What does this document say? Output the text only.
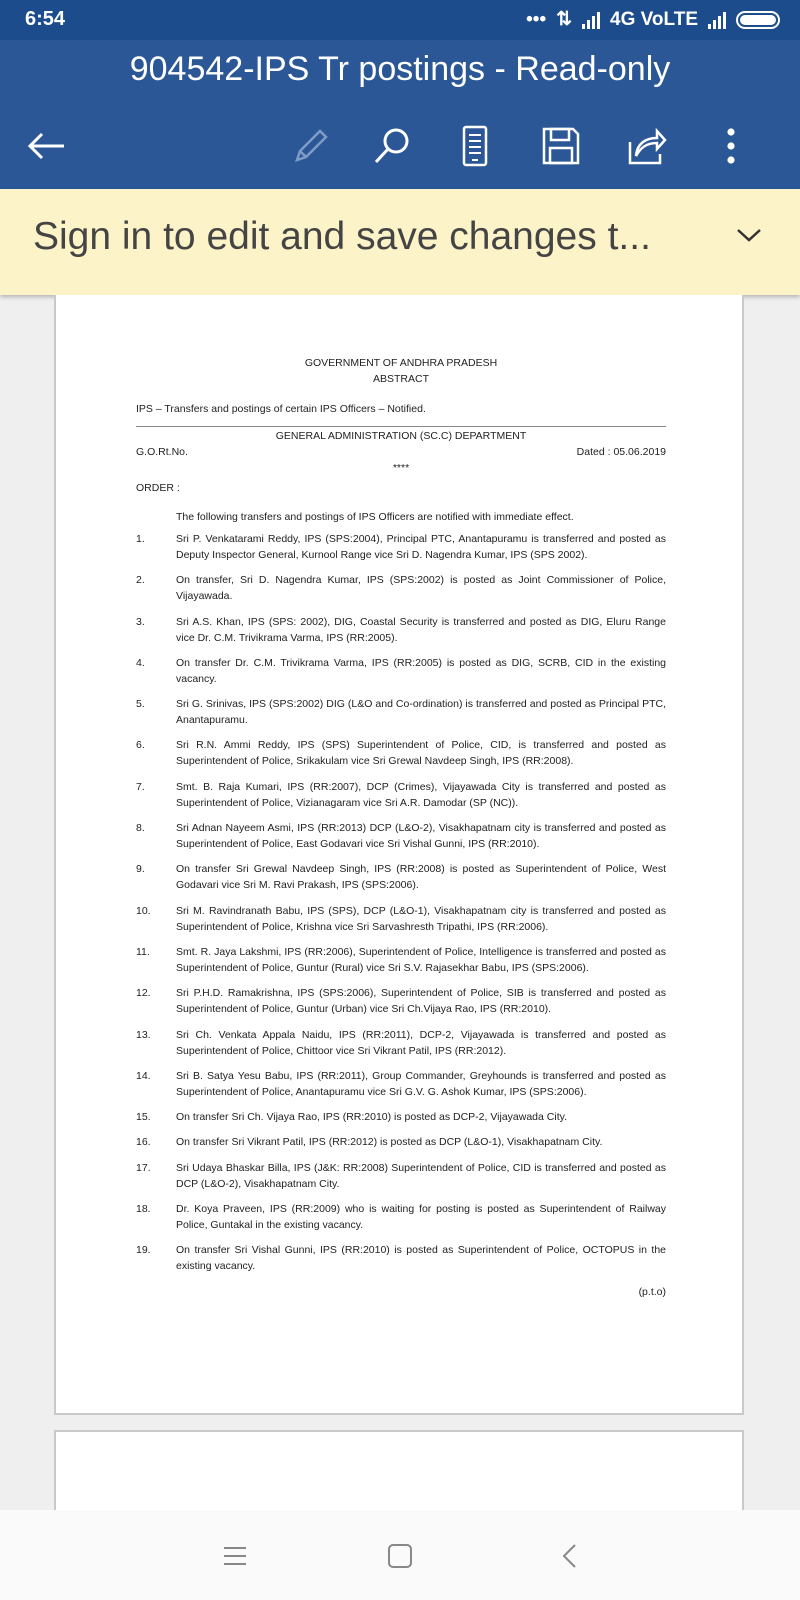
6:54	••• ⇅ 4G VoLTE
904542-IPS Tr postings - Read-only
Sign in to edit and save changes t...
GOVERNMENT OF ANDHRA PRADESH
ABSTRACT
IPS – Transfers and postings of certain IPS Officers – Notified.
GENERAL ADMINISTRATION (SC.C) DEPARTMENT
G.O.Rt.No.	Dated : 05.06.2019
****
ORDER :
The following transfers and postings of IPS Officers are notified with immediate effect.
1.	Sri P. Venkatarami Reddy, IPS (SPS:2004), Principal PTC, Anantapuramu is transferred and posted as Deputy Inspector General, Kurnool Range vice Sri D. Nagendra Kumar, IPS (SPS 2002).
2.	On transfer, Sri D. Nagendra Kumar, IPS (SPS:2002) is posted as Joint Commissioner of Police, Vijayawada.
3.	Sri A.S. Khan, IPS (SPS: 2002), DIG, Coastal Security is transferred and posted as DIG, Eluru Range vice Dr. C.M. Trivikrama Varma, IPS (RR:2005).
4.	On transfer Dr. C.M. Trivikrama Varma, IPS (RR:2005) is posted as DIG, SCRB, CID in the existing vacancy.
5.	Sri G. Srinivas, IPS (SPS:2002) DIG (L&O and Co-ordination) is transferred and posted as Principal PTC, Anantapuramu.
6.	Sri R.N. Ammi Reddy, IPS (SPS) Superintendent of Police, CID, is transferred and posted as Superintendent of Police, Srikakulam vice Sri Grewal Navdeep Singh, IPS (RR:2008).
7.	Smt. B. Raja Kumari, IPS (RR:2007), DCP (Crimes), Vijayawada City is transferred and posted as Superintendent of Police, Vizianagaram vice Sri A.R. Damodar (SP (NC)).
8.	Sri Adnan Nayeem Asmi, IPS (RR:2013) DCP (L&O-2), Visakhapatnam city is transferred and posted as Superintendent of Police, East Godavari vice Sri Vishal Gunni, IPS (RR:2010).
9.	On transfer Sri Grewal Navdeep Singh, IPS (RR:2008) is posted as Superintendent of Police, West Godavari vice Sri M. Ravi Prakash, IPS (SPS:2006).
10.	Sri M. Ravindranath Babu, IPS (SPS), DCP (L&O-1), Visakhapatnam city is transferred and posted as Superintendent of Police, Krishna vice Sri Sarvashresth Tripathi, IPS (RR:2006).
11.	Smt. R. Jaya Lakshmi, IPS (RR:2006), Superintendent of Police, Intelligence is transferred and posted as Superintendent of Police, Guntur (Rural) vice Sri S.V. Rajasekhar Babu, IPS (SPS:2006).
12.	Sri P.H.D. Ramakrishna, IPS (SPS:2006), Superintendent of Police, SIB is transferred and posted as Superintendent of Police, Guntur (Urban) vice Sri Ch.Vijaya Rao, IPS (RR:2010).
13.	Sri Ch. Venkata Appala Naidu, IPS (RR:2011), DCP-2, Vijayawada is transferred and posted as Superintendent of Police, Chittoor vice Sri Vikrant Patil, IPS (RR:2012).
14.	Sri B. Satya Yesu Babu, IPS (RR:2011), Group Commander, Greyhounds is transferred and posted as Superintendent of Police, Anantapuramu vice Sri G.V. G. Ashok Kumar, IPS (SPS:2006).
15.	On transfer Sri Ch. Vijaya Rao, IPS (RR:2010) is posted as DCP-2, Vijayawada City.
16.	On transfer Sri Vikrant Patil, IPS (RR:2012) is posted as DCP (L&O-1), Visakhapatnam City.
17.	Sri Udaya Bhaskar Billa, IPS (J&K: RR:2008) Superintendent of Police, CID is transferred and posted as DCP (L&O-2), Visakhapatnam City.
18.	Dr. Koya Praveen, IPS (RR:2009) who is waiting for posting is posted as Superintendent of Railway Police, Guntakal in the existing vacancy.
19.	On transfer Sri Vishal Gunni, IPS (RR:2010) is posted as Superintendent of Police, OCTOPUS in the existing vacancy.
(p.t.o)
